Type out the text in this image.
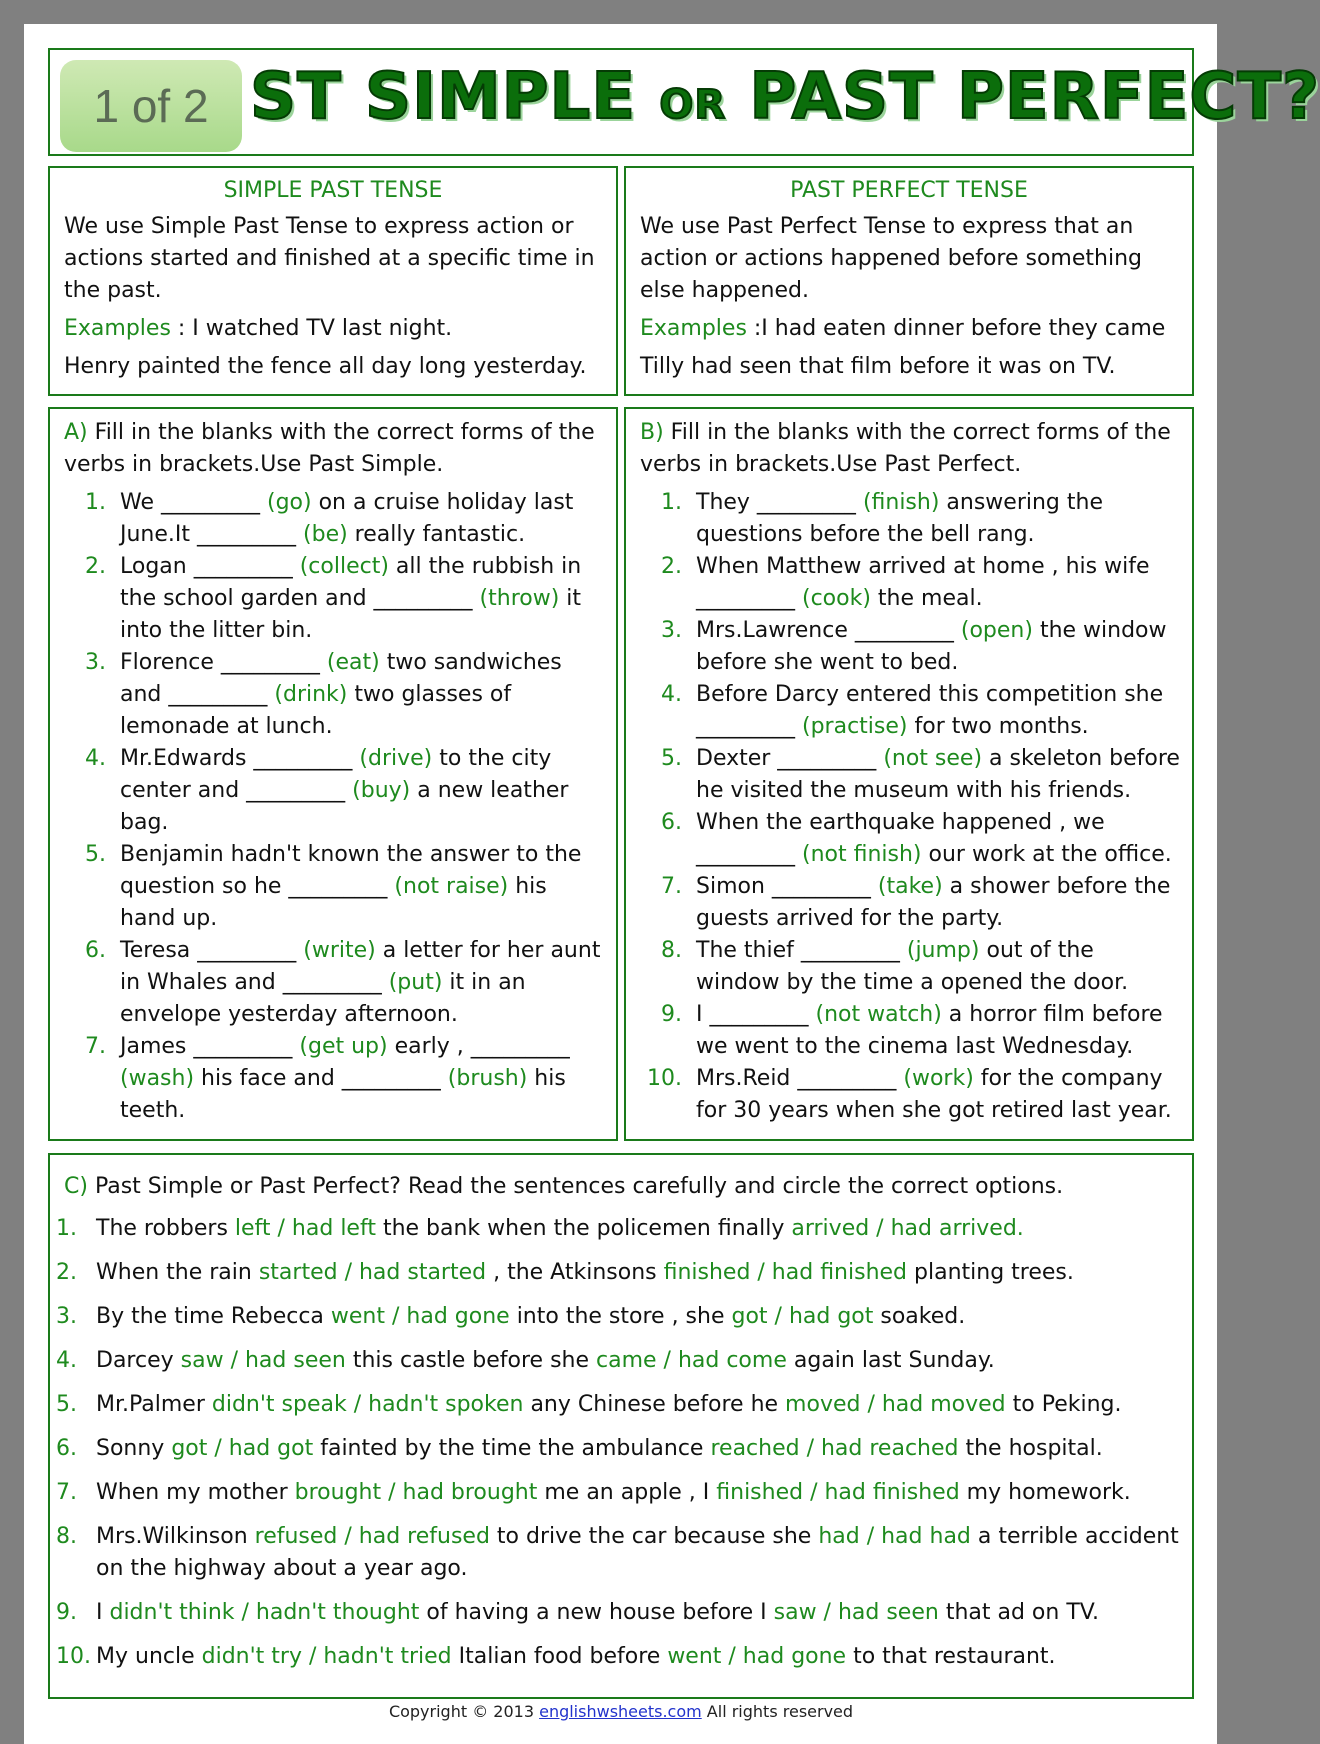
ST SIMPLE OR PAST PERFECT?
1 of 2
SIMPLE PAST TENSE
We use Simple Past Tense to express action or actions started and finished at a specific time in the past.
Examples : I watched TV last night.
Henry painted the fence all day long yesterday.
PAST PERFECT TENSE
We use Past Perfect Tense to express that an action or actions happened before something else happened.
Examples :I had eaten dinner before they came
Tilly had seen that film before it was on TV.
A) Fill in the blanks with the correct forms of the verbs in brackets.Use Past Simple.
1. We _________ (go) on a cruise holiday last June.It _________ (be) really fantastic.
2. Logan _________ (collect) all the rubbish in the school garden and _________ (throw) it into the litter bin.
3. Florence _________ (eat) two sandwiches and _________ (drink) two glasses of lemonade at lunch.
4. Mr.Edwards _________ (drive) to the city center and _________ (buy) a new leather bag.
5. Benjamin hadn't known the answer to the question so he _________ (not raise) his hand up.
6. Teresa _________ (write) a letter for her aunt in Whales and _________ (put) it in an envelope yesterday afternoon.
7. James _________ (get up) early , _________ (wash) his face and _________ (brush) his teeth.
B) Fill in the blanks with the correct forms of the verbs in brackets.Use Past Perfect.
1. They _________ (finish) answering the questions before the bell rang.
2. When Matthew arrived at home , his wife _________ (cook) the meal.
3. Mrs.Lawrence _________ (open) the window before she went to bed.
4. Before Darcy entered this competition she _________ (practise) for two months.
5. Dexter _________ (not see) a skeleton before he visited the museum with his friends.
6. When the earthquake happened , we _________ (not finish) our work at the office.
7. Simon _________ (take) a shower before the guests arrived for the party.
8. The thief _________ (jump) out of the window by the time a opened the door.
9. I _________ (not watch) a horror film before we went to the cinema last Wednesday.
10. Mrs.Reid _________ (work) for the company for 30 years when she got retired last year.
C) Past Simple or Past Perfect? Read the sentences carefully and circle the correct options.
1. The robbers left / had left the bank when the policemen finally arrived / had arrived.
2. When the rain started / had started , the Atkinsons finished / had finished planting trees.
3. By the time Rebecca went / had gone into the store , she got / had got soaked.
4. Darcey saw / had seen this castle before she came / had come again last Sunday.
5. Mr.Palmer didn't speak / hadn't spoken any Chinese before he moved / had moved to Peking.
6. Sonny got / had got fainted by the time the ambulance reached / had reached the hospital.
7. When my mother brought / had brought me an apple , I finished / had finished my homework.
8. Mrs.Wilkinson refused / had refused to drive the car because she had / had had a terrible accident on the highway about a year ago.
9. I didn't think / hadn't thought of having a new house before I saw / had seen that ad on TV.
10. My uncle didn't try / hadn't tried Italian food before went / had gone to that restaurant.
Copyright © 2013 englishwsheets.com All rights reserved
